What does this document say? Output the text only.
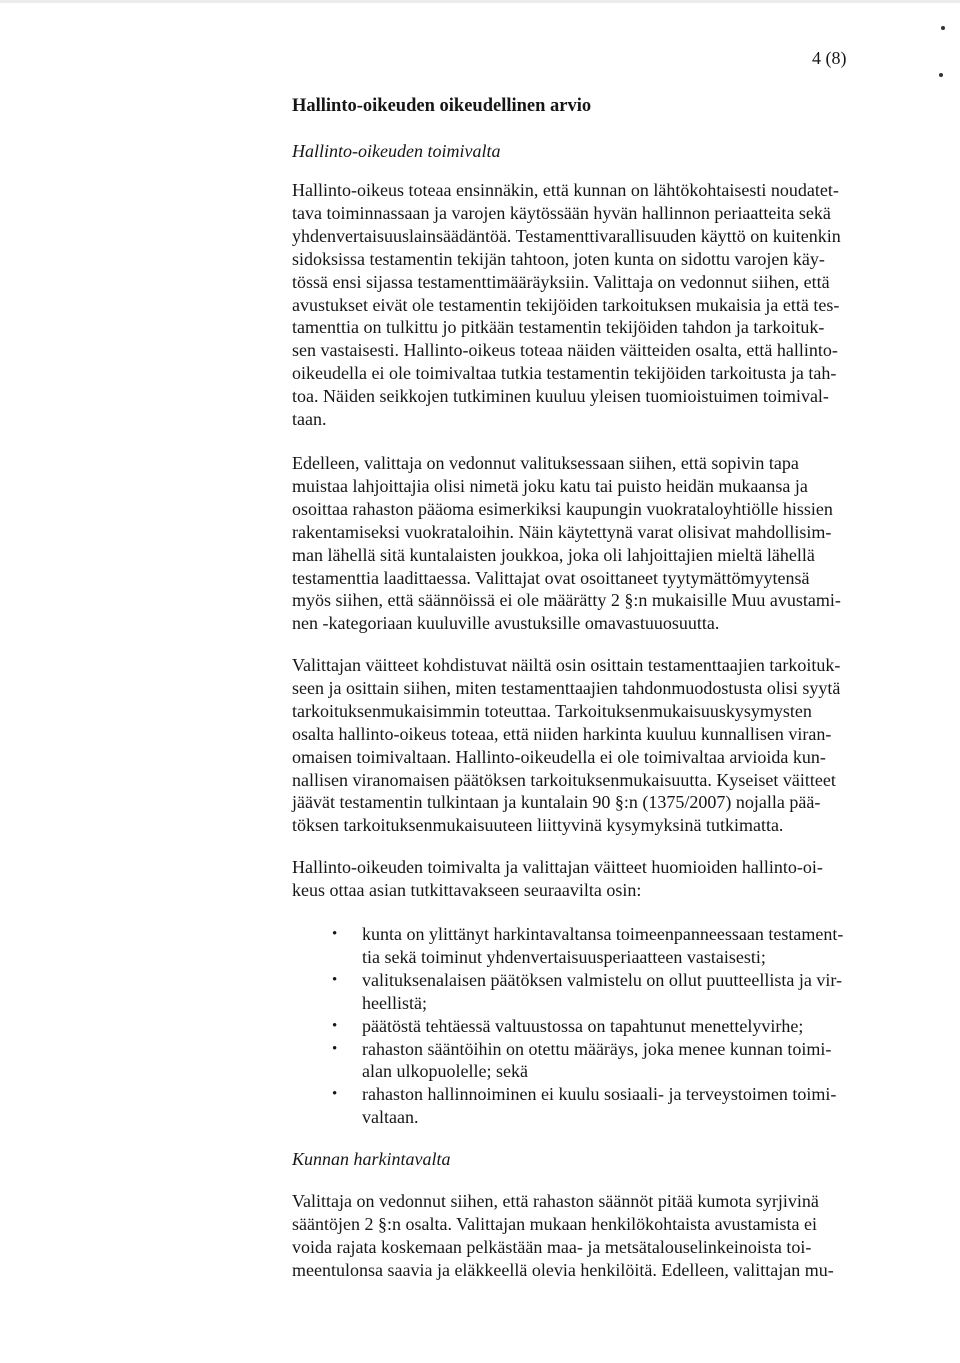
4 (8)
Hallinto-oikeuden oikeudellinen arvio
Hallinto-oikeuden toimivalta

Hallinto-oikeus toteaa ensinnäkin, että kunnan on lähtökohtaisesti noudatet-
tava toiminnassaan ja varojen käytössään hyvän hallinnon periaatteita sekä
yhdenvertaisuuslainsäädäntöä. Testamenttivarallisuuden käyttö on kuitenkin
sidoksissa testamentin tekijän tahtoon, joten kunta on sidottu varojen käy-
tössä ensi sijassa testamenttimääräyksiin. Valittaja on vedonnut siihen, että
avustukset eivät ole testamentin tekijöiden tarkoituksen mukaisia ja että tes-
tamenttia on tulkittu jo pitkään testamentin tekijöiden tahdon ja tarkoituk-
sen vastaisesti. Hallinto-oikeus toteaa näiden väitteiden osalta, että hallinto-
oikeudella ei ole toimivaltaa tutkia testamentin tekijöiden tarkoitusta ja tah-
toa. Näiden seikkojen tutkiminen kuuluu yleisen tuomioistuimen toimival-
taan.

Edelleen, valittaja on vedonnut valituksessaan siihen, että sopivin tapa
muistaa lahjoittajia olisi nimetä joku katu tai puisto heidän mukaansa ja
osoittaa rahaston pääoma esimerkiksi kaupungin vuokrataloyhtiölle hissien
rakentamiseksi vuokrataloihin. Näin käytettynä varat olisivat mahdollisim-
man lähellä sitä kuntalaisten joukkoa, joka oli lahjoittajien mieltä lähellä
testamenttia laadittaessa. Valittajat ovat osoittaneet tyytymättömyytensä
myös siihen, että säännöissä ei ole määrätty 2 §:n mukaisille Muu avustami-
nen -kategoriaan kuuluville avustuksille omavastuuosuutta.

Valittajan väitteet kohdistuvat näiltä osin osittain testamenttaajien tarkoituk-
seen ja osittain siihen, miten testamenttaajien tahdonmuodostusta olisi syytä
tarkoituksenmukaisimmin toteuttaa. Tarkoituksenmukaisuuskysymysten
osalta hallinto-oikeus toteaa, että niiden harkinta kuuluu kunnallisen viran-
omaisen toimivaltaan. Hallinto-oikeudella ei ole toimivaltaa arvioida kun-
nallisen viranomaisen päätöksen tarkoituksenmukaisuutta. Kyseiset väitteet
jäävät testamentin tulkintaan ja kuntalain 90 §:n (1375/2007) nojalla pää-
töksen tarkoituksenmukaisuuteen liittyvinä kysymyksinä tutkimatta.

Hallinto-oikeuden toimivalta ja valittajan väitteet huomioiden hallinto-oi-
keus ottaa asian tutkittavakseen seuraavilta osin:

• kunta on ylittänyt harkintavaltansa toimeenpanneessaan testament-
tia sekä toiminut yhdenvertaisuusperiaatteen vastaisesti;
• valituksenalaisen päätöksen valmistelu on ollut puutteellista ja vir-
heellistä;
• päätöstä tehtäessä valtuustossa on tapahtunut menettelyvirhe;
• rahaston sääntöihin on otettu määräys, joka menee kunnan toimi-
alan ulkopuolelle; sekä
• rahaston hallinnoiminen ei kuulu sosiaali- ja terveystoimen toimi-
valtaan.
Kunnan harkintavalta

Valittaja on vedonnut siihen, että rahaston säännöt pitää kumota syrjivinä
sääntöjen 2 §:n osalta. Valittajan mukaan henkilökohtaista avustamista ei
voida rajata koskemaan pelkästään maa- ja metsätalouselinkeinoista toi-
meentulonsa saavia ja eläkkeellä olevia henkilöitä. Edelleen, valittajan mu-
